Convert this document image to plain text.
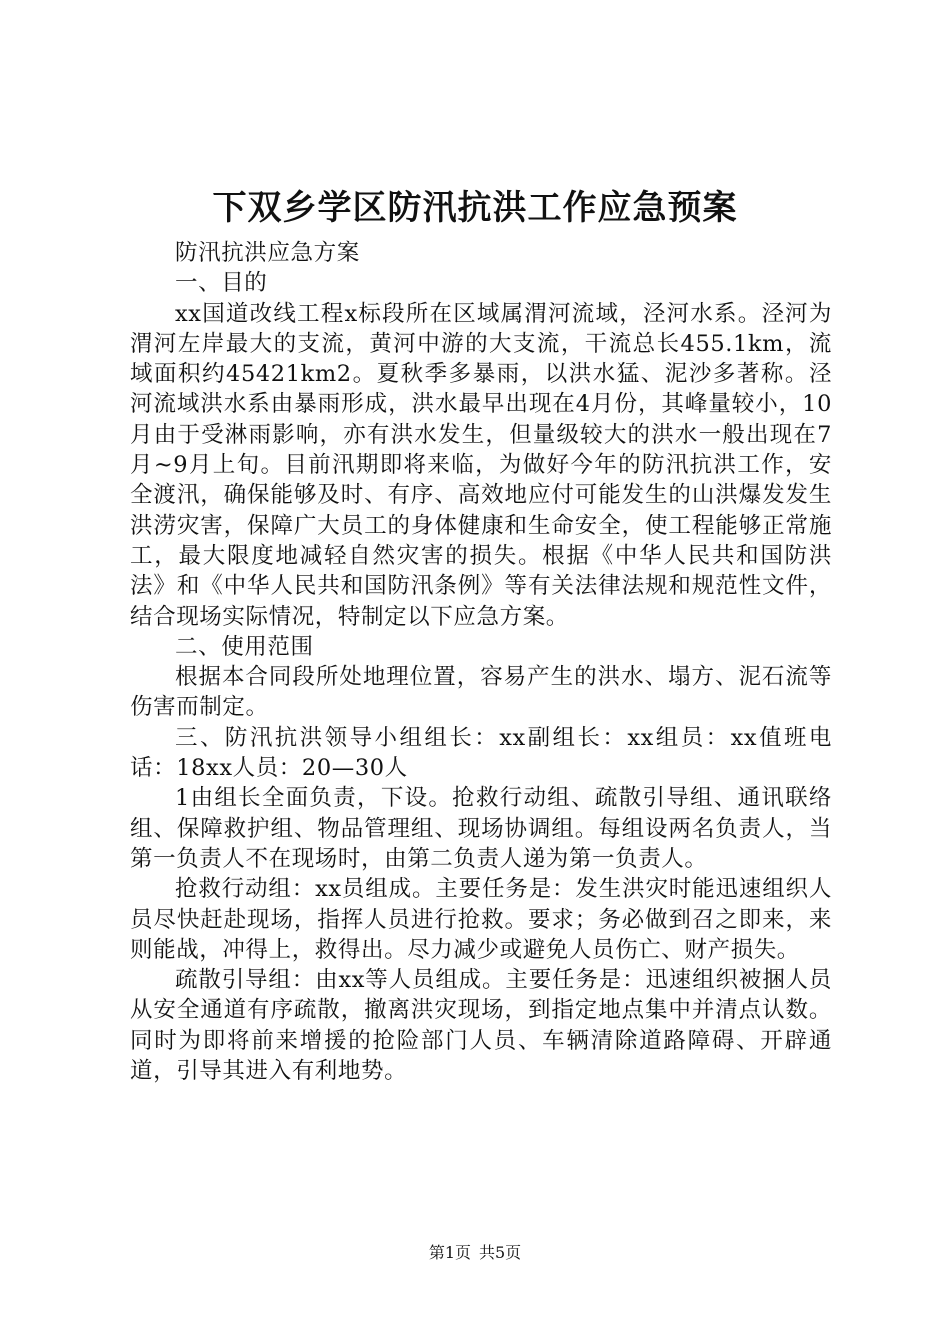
下双乡学区防汛抗洪工作应急预案

防汛抗洪应急方案

一、目的

xx国道改线工程x标段所在区域属渭河流域，泾河水系。泾河为渭河左岸最大的支流，黄河中游的大支流，干流总长455.1km，流域面积约45421km2。夏秋季多暴雨，以洪水猛、泥沙多著称。泾河流域洪水系由暴雨形成，洪水最早出现在4月份，其峰量较小，10月由于受淋雨影响，亦有洪水发生，但量级较大的洪水一般出现在7月~9月上旬。目前汛期即将来临，为做好今年的防汛抗洪工作，安全渡汛，确保能够及时、有序、高效地应付可能发生的山洪爆发发生洪涝灾害，保障广大员工的身体健康和生命安全，使工程能够正常施工，最大限度地减轻自然灾害的损失。根据《中华人民共和国防洪法》和《中华人民共和国防汛条例》等有关法律法规和规范性文件，结合现场实际情况，特制定以下应急方案。

二、使用范围

根据本合同段所处地理位置，容易产生的洪水、塌方、泥石流等伤害而制定。

三、防汛抗洪领导小组组长：xx副组长：xx组员：xx值班电话：18xx人员：20—30人

1由组长全面负责，下设。抢救行动组、疏散引导组、通讯联络组、保障救护组、物品管理组、现场协调组。每组设两名负责人，当第一负责人不在现场时，由第二负责人递为第一负责人。

抢救行动组：xx员组成。主要任务是：发生洪灾时能迅速组织人员尽快赶赴现场，指挥人员进行抢救。要求；务必做到召之即来，来则能战，冲得上，救得出。尽力减少或避免人员伤亡、财产损失。

疏散引导组：由xx等人员组成。主要任务是：迅速组织被捆人员从安全通道有序疏散，撤离洪灾现场，到指定地点集中并清点认数。同时为即将前来增援的抢险部门人员、车辆清除道路障碍、开辟通道，引导其进入有利地势。

第1页 共5页
